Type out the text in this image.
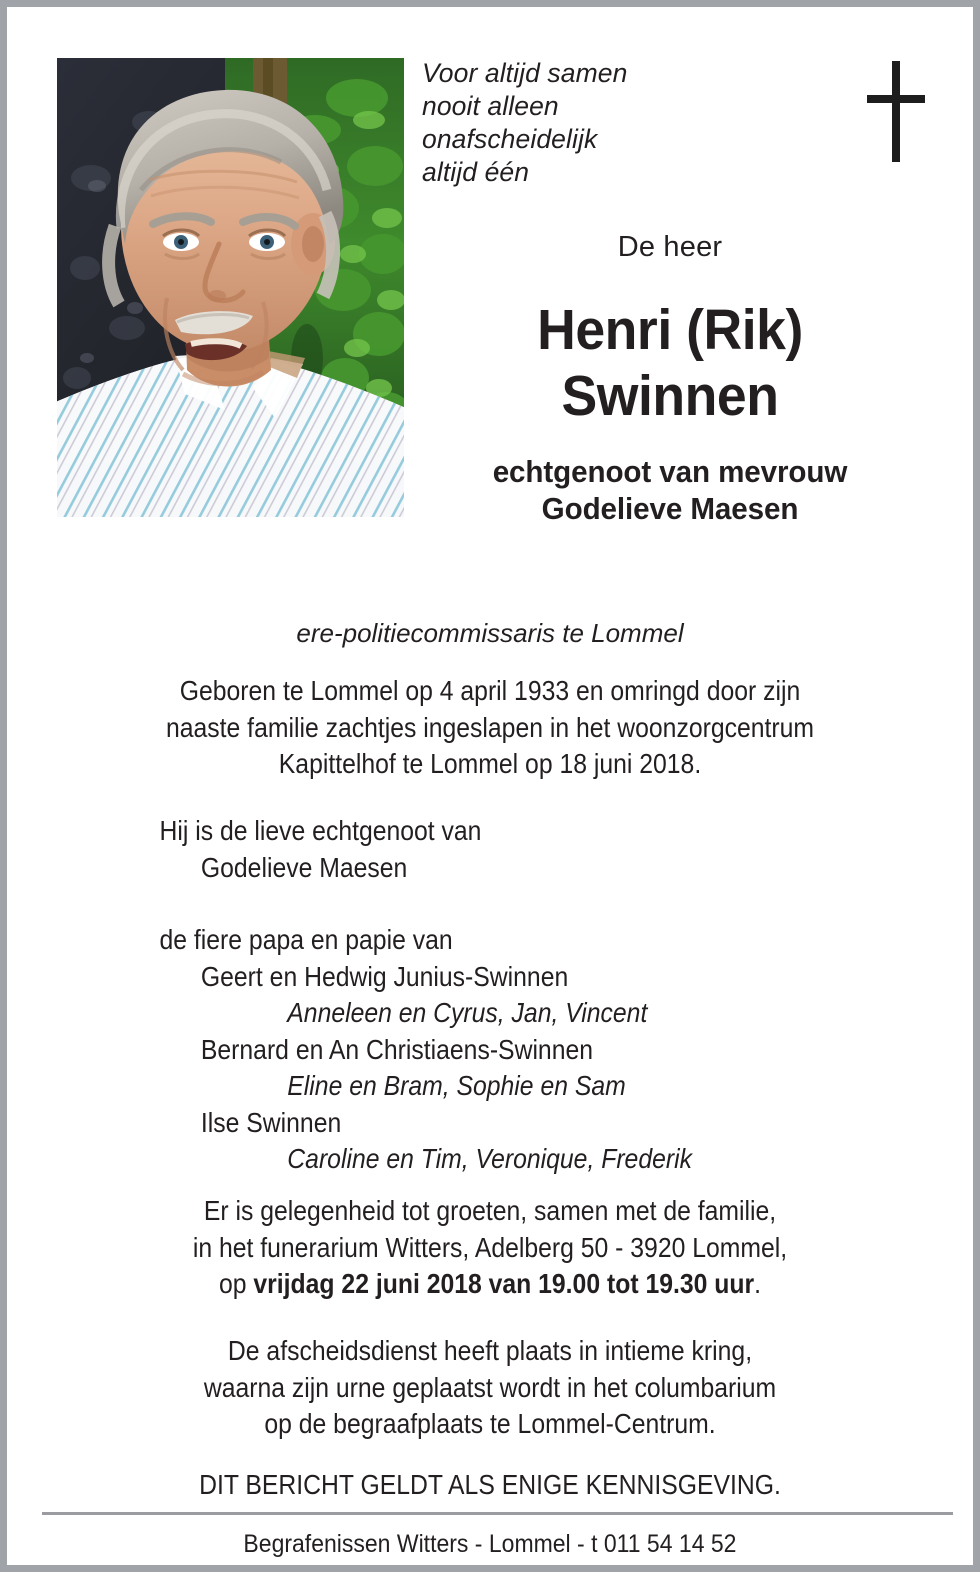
Voor altijd samen
nooit alleen
onafscheidelijk
altijd één
De heer
Henri (Rik)
Swinnen
echtgenoot van mevrouw
Godelieve Maesen
ere-politiecommissaris te Lommel
Geboren te Lommel op 4 april 1933 en omringd door zijn
naaste familie zachtjes ingeslapen in het woonzorgcentrum
Kapittelhof te Lommel op 18 juni 2018.
Hij is de lieve echtgenoot van
Godelieve Maesen
de fiere papa en papie van
Geert en Hedwig Junius-Swinnen
Anneleen en Cyrus, Jan, Vincent
Bernard en An Christiaens-Swinnen
Eline en Bram, Sophie en Sam
Ilse Swinnen
Caroline en Tim, Veronique, Frederik
Er is gelegenheid tot groeten, samen met de familie,
in het funerarium Witters, Adelberg 50 - 3920 Lommel,
op vrijdag 22 juni 2018 van 19.00 tot 19.30 uur.
De afscheidsdienst heeft plaats in intieme kring,
waarna zijn urne geplaatst wordt in het columbarium
op de begraafplaats te Lommel-Centrum.
DIT BERICHT GELDT ALS ENIGE KENNISGEVING.
Begrafenissen Witters - Lommel - t 011 54 14 52
